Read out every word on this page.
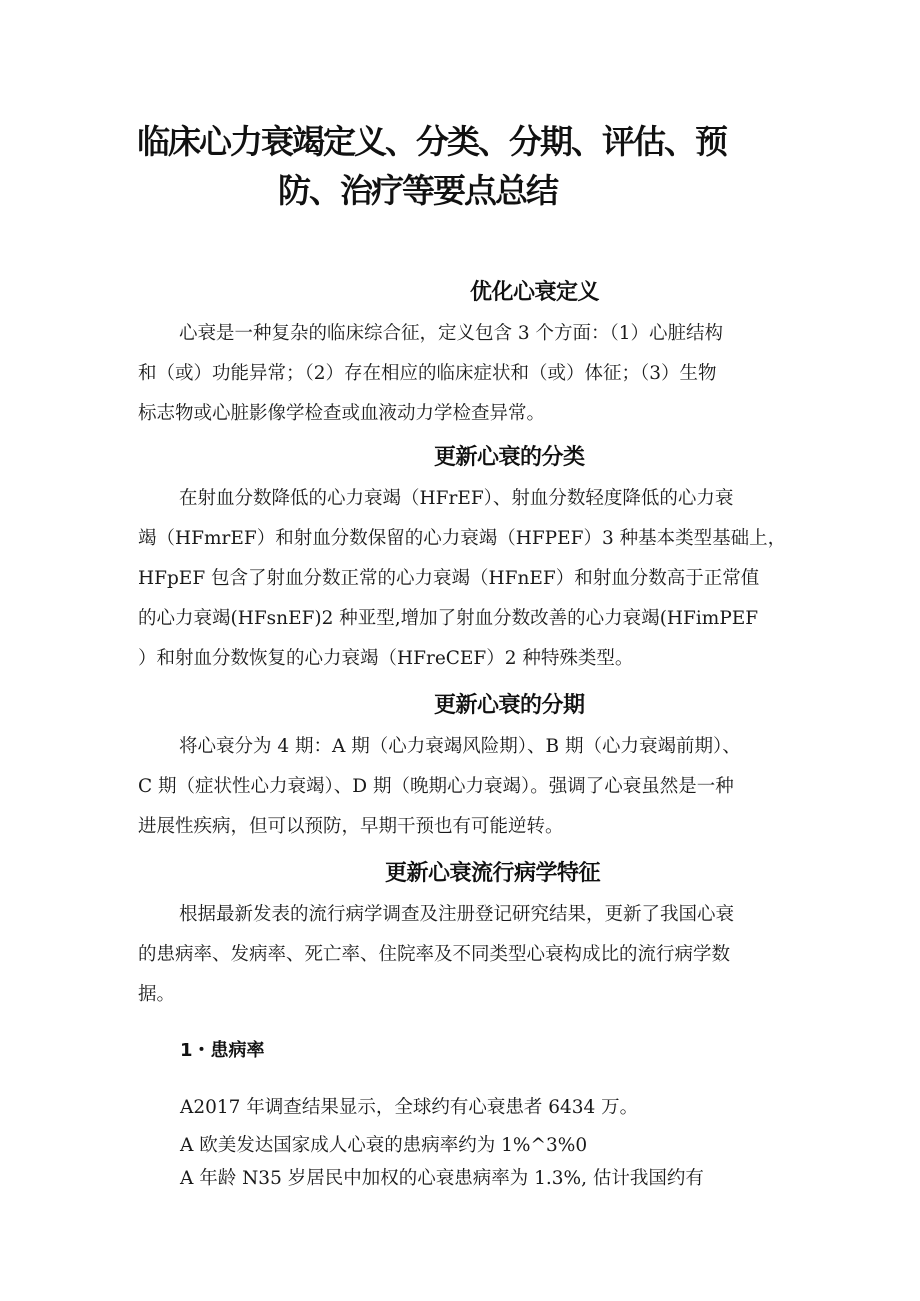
临床心力衰竭定义、分类、分期、评估、预
防、治疗等要点总结
优化心衰定义
心衰是一种复杂的临床综合征，定义包含 3 个方面：（1）心脏结构
和（或）功能异常；（2）存在相应的临床症状和（或）体征；（3）生物
标志物或心脏影像学检查或血液动力学检查异常。
更新心衰的分类
在射血分数降低的心力衰竭（HFrEF）、射血分数轻度降低的心力衰
竭（HFmrEF）和射血分数保留的心力衰竭（HFPEF）3 种基本类型基础上，
HFpEF 包含了射血分数正常的心力衰竭（HFnEF）和射血分数高于正常值
的心力衰竭(HFsnEF)2 种亚型,增加了射血分数改善的心力衰竭(HFimPEF
）和射血分数恢复的心力衰竭（HFreCEF）2 种特殊类型。
更新心衰的分期
将心衰分为 4 期：A 期（心力衰竭风险期）、B 期（心力衰竭前期）、
C 期（症状性心力衰竭）、D 期（晚期心力衰竭）。强调了心衰虽然是一种
进展性疾病，但可以预防，早期干预也有可能逆转。
更新心衰流行病学特征
根据最新发表的流行病学调查及注册登记研究结果，更新了我国心衰
的患病率、发病率、死亡率、住院率及不同类型心衰构成比的流行病学数
据。
1・患病率

A2017 年调查结果显示，全球约有心衰患者 6434 万。

A 欧美发达国家成人心衰的患病率约为 1%^3%0

A 年龄 N35 岁居民中加权的心衰患病率为 1.3%, 估计我国约有
